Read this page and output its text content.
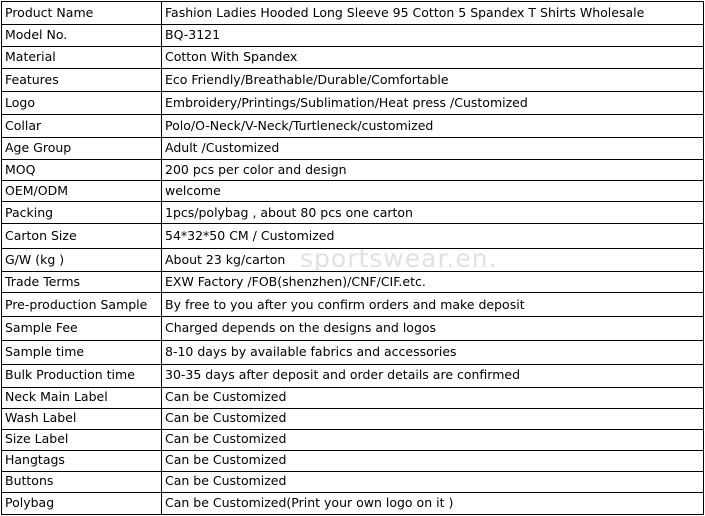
Product Name	Fashion Ladies Hooded Long Sleeve 95 Cotton 5 Spandex T Shirts Wholesale
Model No.	BQ-3121
Material	Cotton With Spandex
Features	Eco Friendly/Breathable/Durable/Comfortable
Logo	Embroidery/Printings/Sublimation/Heat press /Customized
Collar	Polo/O-Neck/V-Neck/Turtleneck/customized
Age Group	Adult /Customized
MOQ	200 pcs per color and design
OEM/ODM	welcome
Packing	1pcs/polybag , about 80 pcs one carton
Carton Size	54*32*50 CM / Customized
G/W (kg )	About 23 kg/carton
Trade Terms	EXW Factory /FOB(shenzhen)/CNF/CIF.etc.
Pre-production Sample	By free to you after you confirm orders and make deposit
Sample Fee	Charged depends on the designs and logos
Sample time	8-10 days by available fabrics and accessories
Bulk Production time	30-35 days after deposit and order details are confirmed
Neck Main Label	Can be Customized
Wash Label	Can be Customized
Size Label	Can be Customized
Hangtags	Can be Customized
Buttons	Can be Customized
Polybag	Can be Customized(Print your own logo on it )
sportswear.en.
